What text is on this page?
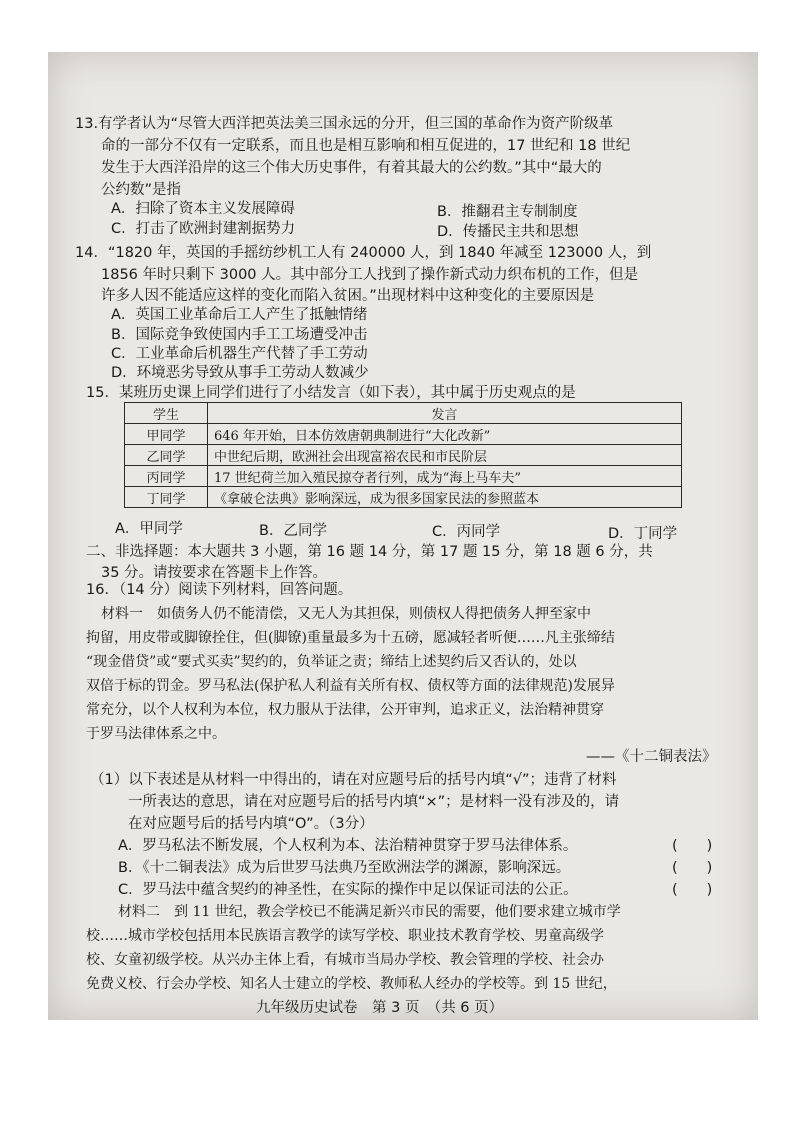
13.有学者认为“尽管大西洋把英法美三国永远的分开，但三国的革命作为资产阶级革
命的一部分不仅有一定联系，而且也是相互影响和相互促进的，17 世纪和 18 世纪
发生于大西洋沿岸的这三个伟大历史事件，有着其最大的公约数。”其中“最大的
公约数”是指
A．扫除了资本主义发展障碍	B．推翻君主专制制度
C．打击了欧洲封建割据势力	D．传播民主共和思想
14．“1820 年，英国的手摇纺纱机工人有 240000 人，到 1840 年减至 123000 人，到
1856 年时只剩下 3000 人。其中部分工人找到了操作新式动力织布机的工作，但是
许多人因不能适应这样的变化而陷入贫困。”出现材料中这种变化的主要原因是
A．英国工业革命后工人产生了抵触情绪
B．国际竞争致使国内手工工场遭受冲击
C．工业革命后机器生产代替了手工劳动
D．环境恶劣导致从事手工劳动人数减少
15．某班历史课上同学们进行了小结发言（如下表），其中属于历史观点的是
学生	发言
甲同学	646 年开始，日本仿效唐朝典制进行“大化改新”
乙同学	中世纪后期，欧洲社会出现富裕农民和市民阶层
丙同学	17 世纪荷兰加入殖民掠夺者行列，成为“海上马车夫”
丁同学	《拿破仑法典》影响深远，成为很多国家民法的参照蓝本
A．甲同学	B．乙同学	C．丙同学	D．丁同学
二、非选择题：本大题共 3 小题，第 16 题 14 分，第 17 题 15 分，第 18 题 6 分，共
35 分。请按要求在答题卡上作答。
16．（14 分）阅读下列材料，回答问题。
材料一　如债务人仍不能清偿，又无人为其担保，则债权人得把债务人押至家中
拘留，用皮带或脚镣拴住，但(脚镣)重量最多为十五磅，愿减轻者听便……凡主张缔结
“现金借贷”或“要式买卖”契约的，负举证之责；缔结上述契约后又否认的，处以
双倍于标的罚金。罗马私法(保护私人利益有关所有权、债权等方面的法律规范)发展异
常充分，以个人权利为本位，权力服从于法律，公开审判，追求正义，法治精神贯穿
于罗马法律体系之中。
——《十二铜表法》
（1）以下表述是从材料一中得出的，请在对应题号后的括号内填“√”；违背了材料
一所表达的意思，请在对应题号后的括号内填“×”；是材料一没有涉及的，请
在对应题号后的括号内填“O”。（3分）
A．罗马私法不断发展，个人权利为本、法治精神贯穿于罗马法律体系。	(　　)
B．《十二铜表法》成为后世罗马法典乃至欧洲法学的渊源，影响深远。	(　　)
C．罗马法中蕴含契约的神圣性，在实际的操作中足以保证司法的公正。	(　　)
材料二　到 11 世纪，教会学校已不能满足新兴市民的需要，他们要求建立城市学
校……城市学校包括用本民族语言教学的读写学校、职业技术教育学校、男童高级学
校、女童初级学校。从兴办主体上看，有城市当局办学校、教会管理的学校、社会办
免费义校、行会办学校、知名人士建立的学校、教师私人经办的学校等。到 15 世纪，
九年级历史试卷　第 3 页　（共 6 页）
